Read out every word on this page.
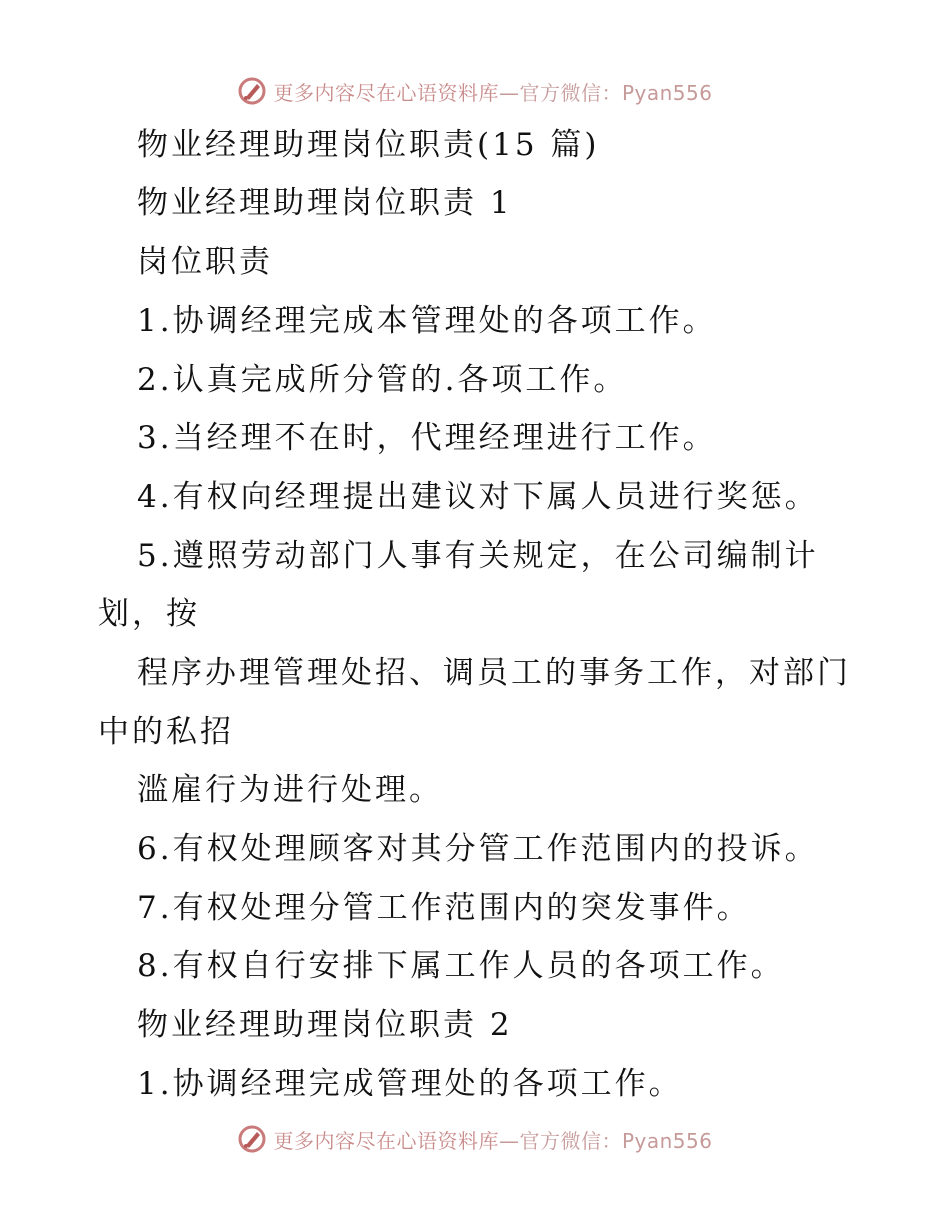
更多内容尽在心语资料库—官方微信：Pyan556
物业经理助理岗位职责(15 篇)
物业经理助理岗位职责 1
岗位职责
1.协调经理完成本管理处的各项工作。
2.认真完成所分管的.各项工作。
3.当经理不在时，代理经理进行工作。
4.有权向经理提出建议对下属人员进行奖惩。
5.遵照劳动部门人事有关规定，在公司编制计
划，按
程序办理管理处招、调员工的事务工作，对部门
中的私招
滥雇行为进行处理。
6.有权处理顾客对其分管工作范围内的投诉。
7.有权处理分管工作范围内的突发事件。
8.有权自行安排下属工作人员的各项工作。
物业经理助理岗位职责 2
1.协调经理完成管理处的各项工作。
更多内容尽在心语资料库—官方微信：Pyan556
